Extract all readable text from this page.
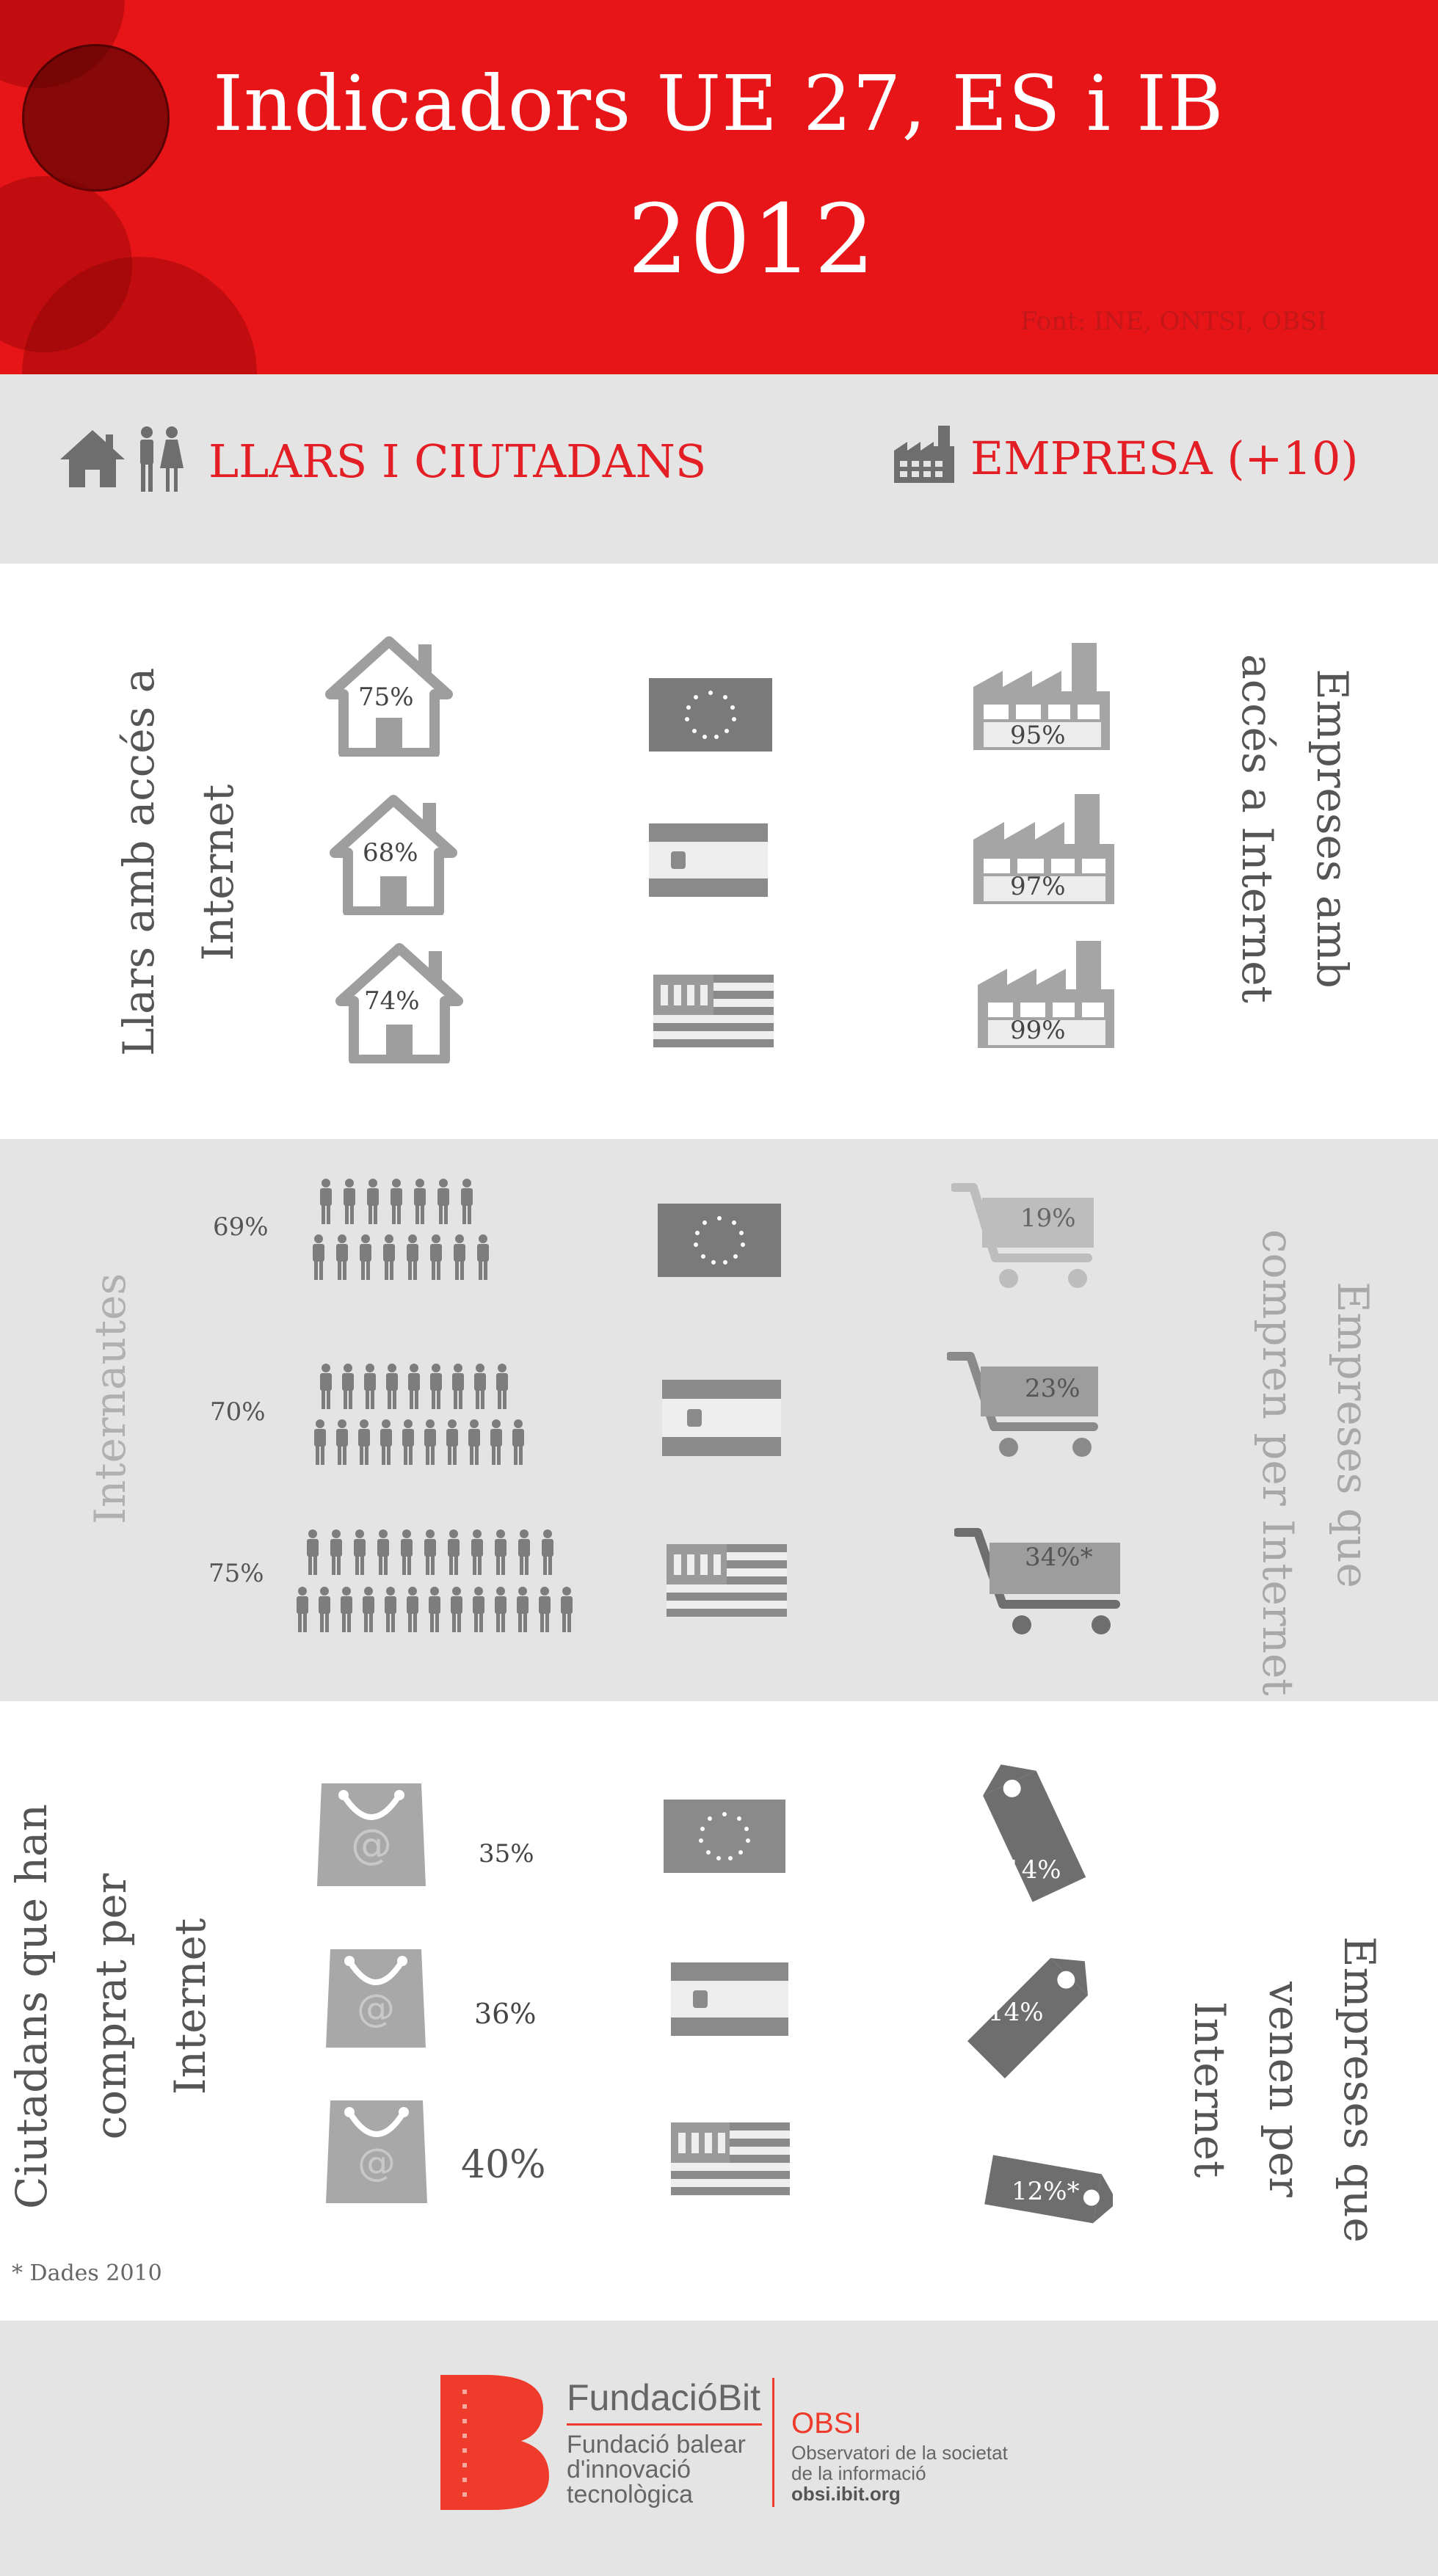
Indicadors UE 27, ES i IB
2012
Font: INE, ONTSI, OBSI
LLARS I CIUTADANS	EMPRESA (+10)
Llars amb accés a Internet
75%
68%
74%
95%
97%
99%
Empreses amb
accés a Internet
Internautes
69%
70%
75%
19%
23%
34%*	Empreses que
compren per Internet
Ciutadans que han comprat per Internet
@	35%
@	36%
@ 40%
14%
14%
12%*	Empreses que
venen per
Internet
* Dades 2010
FundacióBit
Fundació balear
d'innovació
tecnològica
OBSI
Observatori de la societat
de la informació
obsi.ibit.org
